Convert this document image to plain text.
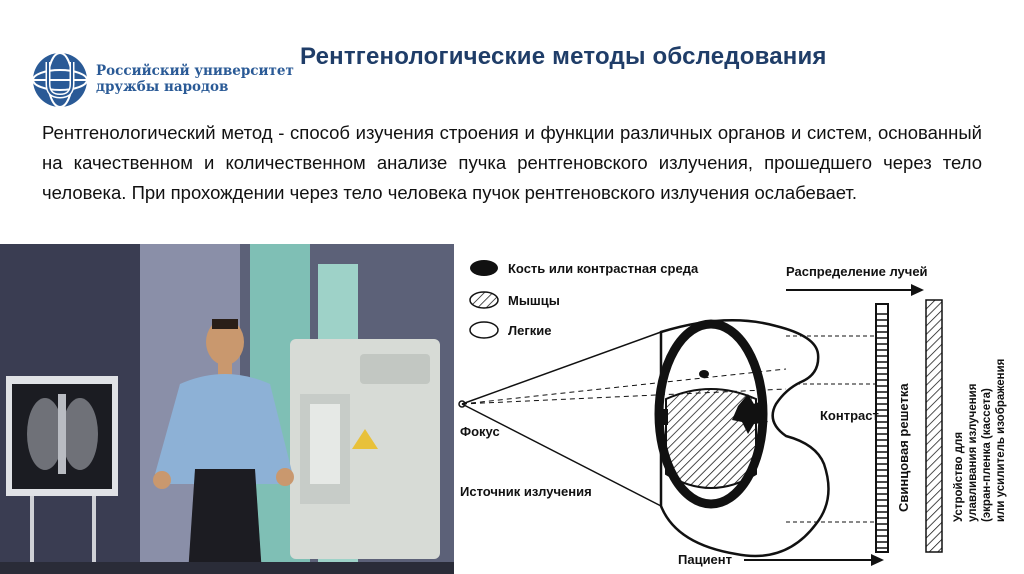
Российский университет
дружбы народов
Рентгенологические методы обследования
Рентгенологический метод - способ изучения строения и функции различных органов и систем, основанный на качественном и количественном анализе пучка рентгеновского излучения, прошедшего через тело человека. При прохождении через тело человека пучок рентгеновского излучения ослабевает.
Кость или контрастная среда
Мышцы
Легкие
Распределение лучей
Контраст Свинцовая решетка	Устройство для улавливания излучения (экран-пленка (кассета) или усилитель изображения
Фокус
Источник излучения
Пациент
